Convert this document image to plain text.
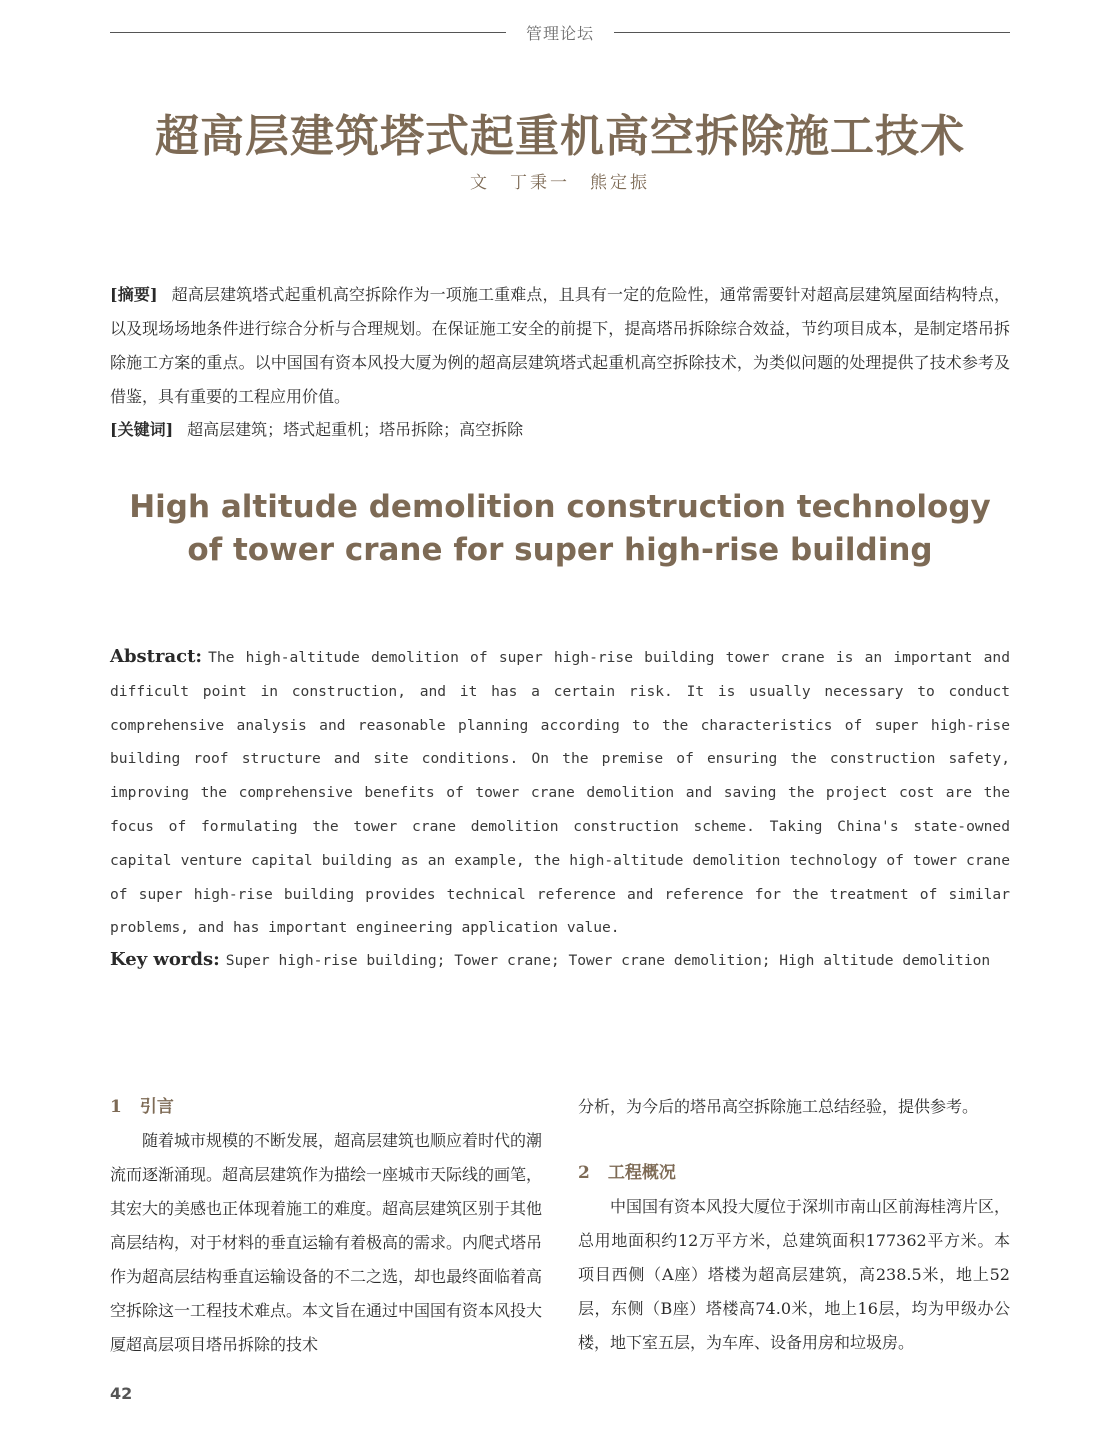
管理论坛
超高层建筑塔式起重机高空拆除施工技术
文　丁秉一　熊定振
[摘要] 超高层建筑塔式起重机高空拆除作为一项施工重难点，且具有一定的危险性，通常需要针对超高层建筑屋面结构特点，以及现场场地条件进行综合分析与合理规划。在保证施工安全的前提下，提高塔吊拆除综合效益，节约项目成本，是制定塔吊拆除施工方案的重点。以中国国有资本风投大厦为例的超高层建筑塔式起重机高空拆除技术，为类似问题的处理提供了技术参考及借鉴，具有重要的工程应用价值。
[关键词] 超高层建筑；塔式起重机；塔吊拆除；高空拆除
High altitude demolition construction technology of tower crane for super high-rise building
Abstract: The high-altitude demolition of super high-rise building tower crane is an important and difficult point in construction, and it has a certain risk. It is usually necessary to conduct comprehensive analysis and reasonable planning according to the characteristics of super high-rise building roof structure and site conditions. On the premise of ensuring the construction safety, improving the comprehensive benefits of tower crane demolition and saving the project cost are the focus of formulating the tower crane demolition construction scheme. Taking China's state-owned capital venture capital building as an example, the high-altitude demolition technology of tower crane of super high-rise building provides technical reference and reference for the treatment of similar problems, and has important engineering application value.
Key words: Super high-rise building; Tower crane; Tower crane demolition; High altitude demolition

1 引言

随着城市规模的不断发展，超高层建筑也顺应着时代的潮流而逐渐涌现。超高层建筑作为描绘一座城市天际线的画笔，其宏大的美感也正体现着施工的难度。超高层建筑区别于其他高层结构，对于材料的垂直运输有着极高的需求。内爬式塔吊作为超高层结构垂直运输设备的不二之选，却也最终面临着高空拆除这一工程技术难点。本文旨在通过中国国有资本风投大厦超高层项目塔吊拆除的技术

分析，为今后的塔吊高空拆除施工总结经验，提供参考。

2 工程概况

中国国有资本风投大厦位于深圳市南山区前海桂湾片区，总用地面积约12万平方米，总建筑面积177362平方米。本项目西侧（A座）塔楼为超高层建筑，高238.5米，地上52层，东侧（B座）塔楼高74.0米，地上16层，均为甲级办公楼，地下室五层，为车库、设备用房和垃圾房。

42
